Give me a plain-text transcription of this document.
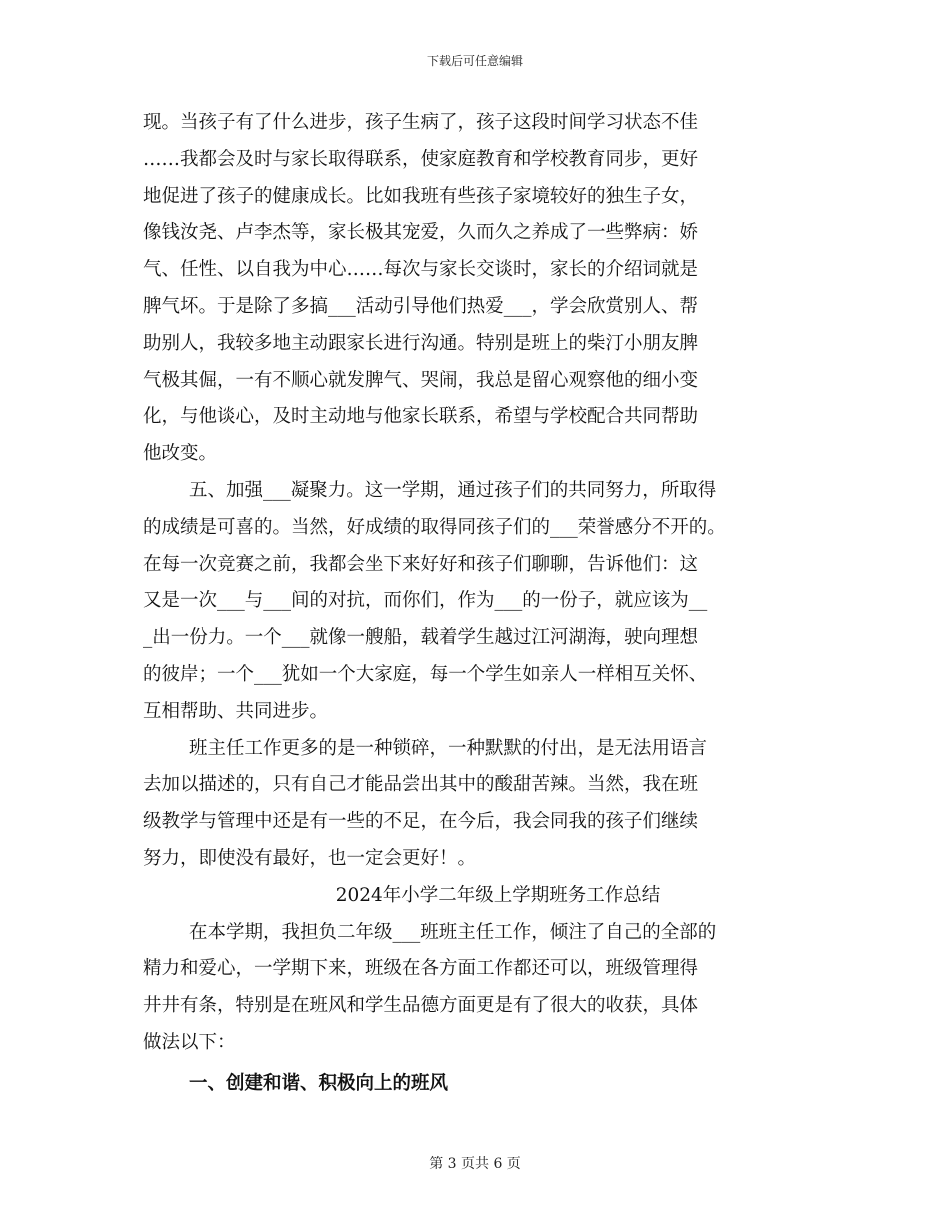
下载后可任意编辑
现。当孩子有了什么进步，孩子生病了，孩子这段时间学习状态不佳
……我都会及时与家长取得联系，使家庭教育和学校教育同步，更好
地促进了孩子的健康成长。比如我班有些孩子家境较好的独生子女，
像钱汝尧、卢李杰等，家长极其宠爱，久而久之养成了一些弊病：娇
气、任性、以自我为中心……每次与家长交谈时，家长的介绍词就是
脾气坏。于是除了多搞___活动引导他们热爱___，学会欣赏别人、帮
助别人，我较多地主动跟家长进行沟通。特别是班上的柴汀小朋友脾
气极其倔，一有不顺心就发脾气、哭闹，我总是留心观察他的细小变
化，与他谈心，及时主动地与他家长联系，希望与学校配合共同帮助
他改变。
五、加强___凝聚力。这一学期，通过孩子们的共同努力，所取得
的成绩是可喜的。当然，好成绩的取得同孩子们的___荣誉感分不开的。
在每一次竞赛之前，我都会坐下来好好和孩子们聊聊，告诉他们：这
又是一次___与___间的对抗，而你们，作为___的一份子，就应该为__
_出一份力。一个___就像一艘船，载着学生越过江河湖海，驶向理想
的彼岸；一个___犹如一个大家庭，每一个学生如亲人一样相互关怀、
互相帮助、共同进步。
班主任工作更多的是一种锁碎，一种默默的付出，是无法用语言
去加以描述的，只有自己才能品尝出其中的酸甜苦辣。当然，我在班
级教学与管理中还是有一些的不足，在今后，我会同我的孩子们继续
努力，即使没有最好，也一定会更好！。
2024年小学二年级上学期班务工作总结
在本学期，我担负二年级___班班主任工作，倾注了自己的全部的
精力和爱心，一学期下来，班级在各方面工作都还可以，班级管理得
井井有条，特别是在班风和学生品德方面更是有了很大的收获，具体
做法以下：
一、创建和谐、积极向上的班风
第 3 页共 6 页
